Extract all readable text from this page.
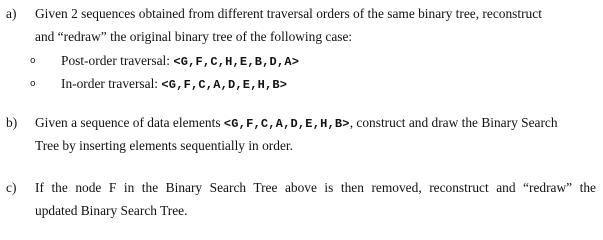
a) Given 2 sequences obtained from different traversal orders of the same binary tree, reconstruct
and “redraw” the original binary tree of the following case:
o Post-order traversal: <G,F,C,H,E,B,D,A>
o In-order traversal: <G,F,C,A,D,E,H,B>
b) Given a sequence of data elements <G,F,C,A,D,E,H,B>, construct and draw the Binary Search
Tree by inserting elements sequentially in order.
c) If the node F in the Binary Search Tree above is then removed, reconstruct and “redraw” the
updated Binary Search Tree.
